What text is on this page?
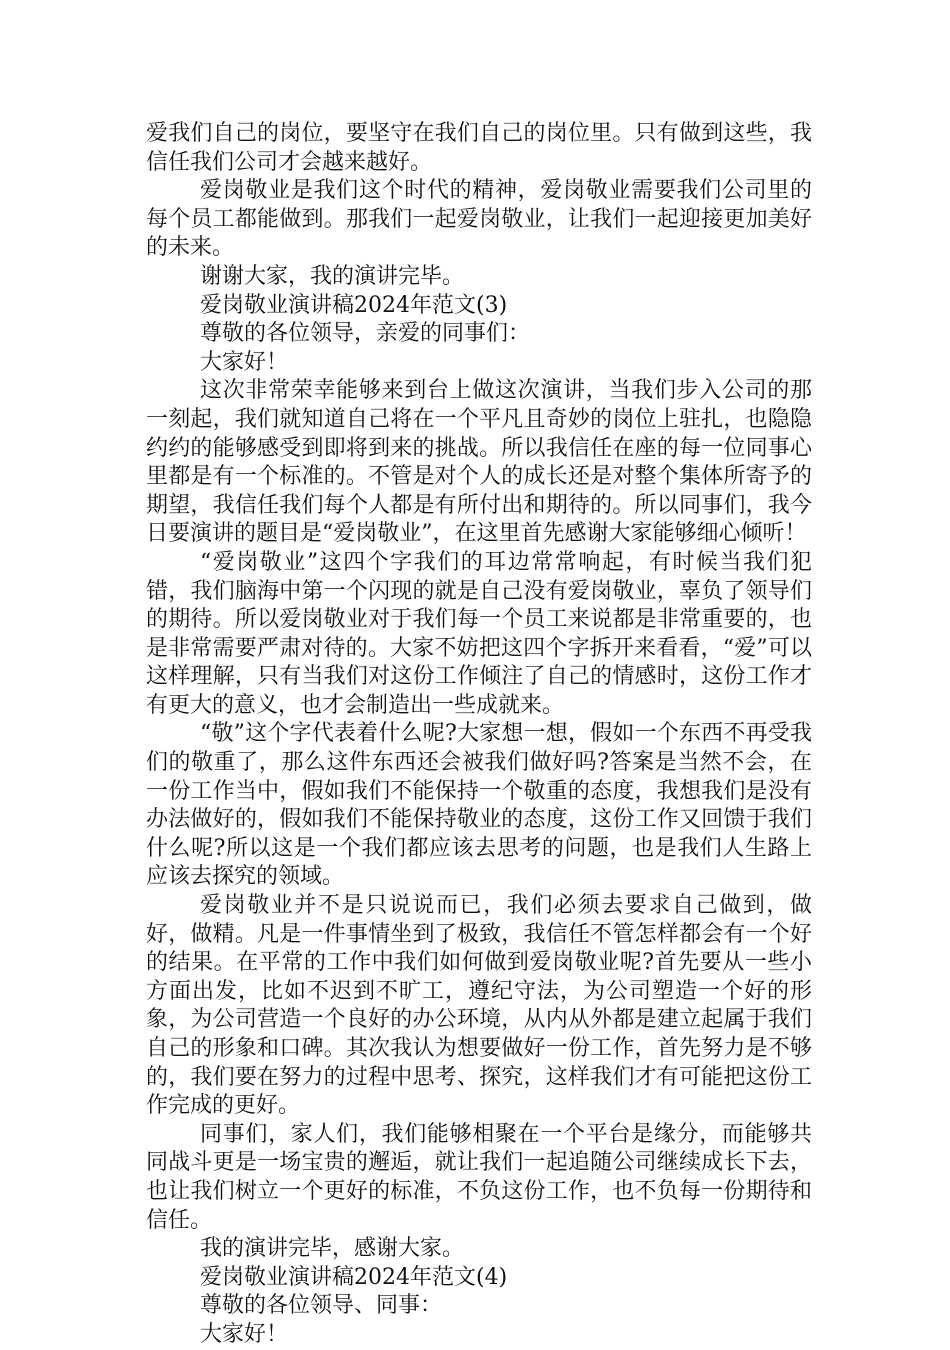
爱我们自己的岗位，要坚守在我们自己的岗位里。只有做到这些，我信任我们公司才会越来越好。

爱岗敬业是我们这个时代的精神，爱岗敬业需要我们公司里的每个员工都能做到。那我们一起爱岗敬业，让我们一起迎接更加美好的未来。

谢谢大家，我的演讲完毕。

爱岗敬业演讲稿2024年范文(3)

尊敬的各位领导，亲爱的同事们：

大家好！

这次非常荣幸能够来到台上做这次演讲，当我们步入公司的那一刻起，我们就知道自己将在一个平凡且奇妙的岗位上驻扎，也隐隐约约的能够感受到即将到来的挑战。所以我信任在座的每一位同事心里都是有一个标准的。不管是对个人的成长还是对整个集体所寄予的期望，我信任我们每个人都是有所付出和期待的。所以同事们，我今日要演讲的题目是“爱岗敬业”，在这里首先感谢大家能够细心倾听！

“爱岗敬业”这四个字我们的耳边常常响起，有时候当我们犯错，我们脑海中第一个闪现的就是自己没有爱岗敬业，辜负了领导们的期待。所以爱岗敬业对于我们每一个员工来说都是非常重要的，也是非常需要严肃对待的。大家不妨把这四个字拆开来看看，“爱”可以这样理解，只有当我们对这份工作倾注了自己的情感时，这份工作才有更大的意义，也才会制造出一些成就来。

“敬”这个字代表着什么呢?大家想一想，假如一个东西不再受我们的敬重了，那么这件东西还会被我们做好吗?答案是当然不会，在一份工作当中，假如我们不能保持一个敬重的态度，我想我们是没有办法做好的，假如我们不能保持敬业的态度，这份工作又回馈于我们什么呢?所以这是一个我们都应该去思考的问题，也是我们人生路上应该去探究的领域。

爱岗敬业并不是只说说而已，我们必须去要求自己做到，做好，做精。凡是一件事情坐到了极致，我信任不管怎样都会有一个好的结果。在平常的工作中我们如何做到爱岗敬业呢?首先要从一些小方面出发，比如不迟到不旷工，遵纪守法，为公司塑造一个好的形象，为公司营造一个良好的办公环境，从内从外都是建立起属于我们自己的形象和口碑。其次我认为想要做好一份工作，首先努力是不够的，我们要在努力的过程中思考、探究，这样我们才有可能把这份工作完成的更好。

同事们，家人们，我们能够相聚在一个平台是缘分，而能够共同战斗更是一场宝贵的邂逅，就让我们一起追随公司继续成长下去，也让我们树立一个更好的标准，不负这份工作，也不负每一份期待和信任。

我的演讲完毕，感谢大家。

爱岗敬业演讲稿2024年范文(4)

尊敬的各位领导、同事：

大家好！
